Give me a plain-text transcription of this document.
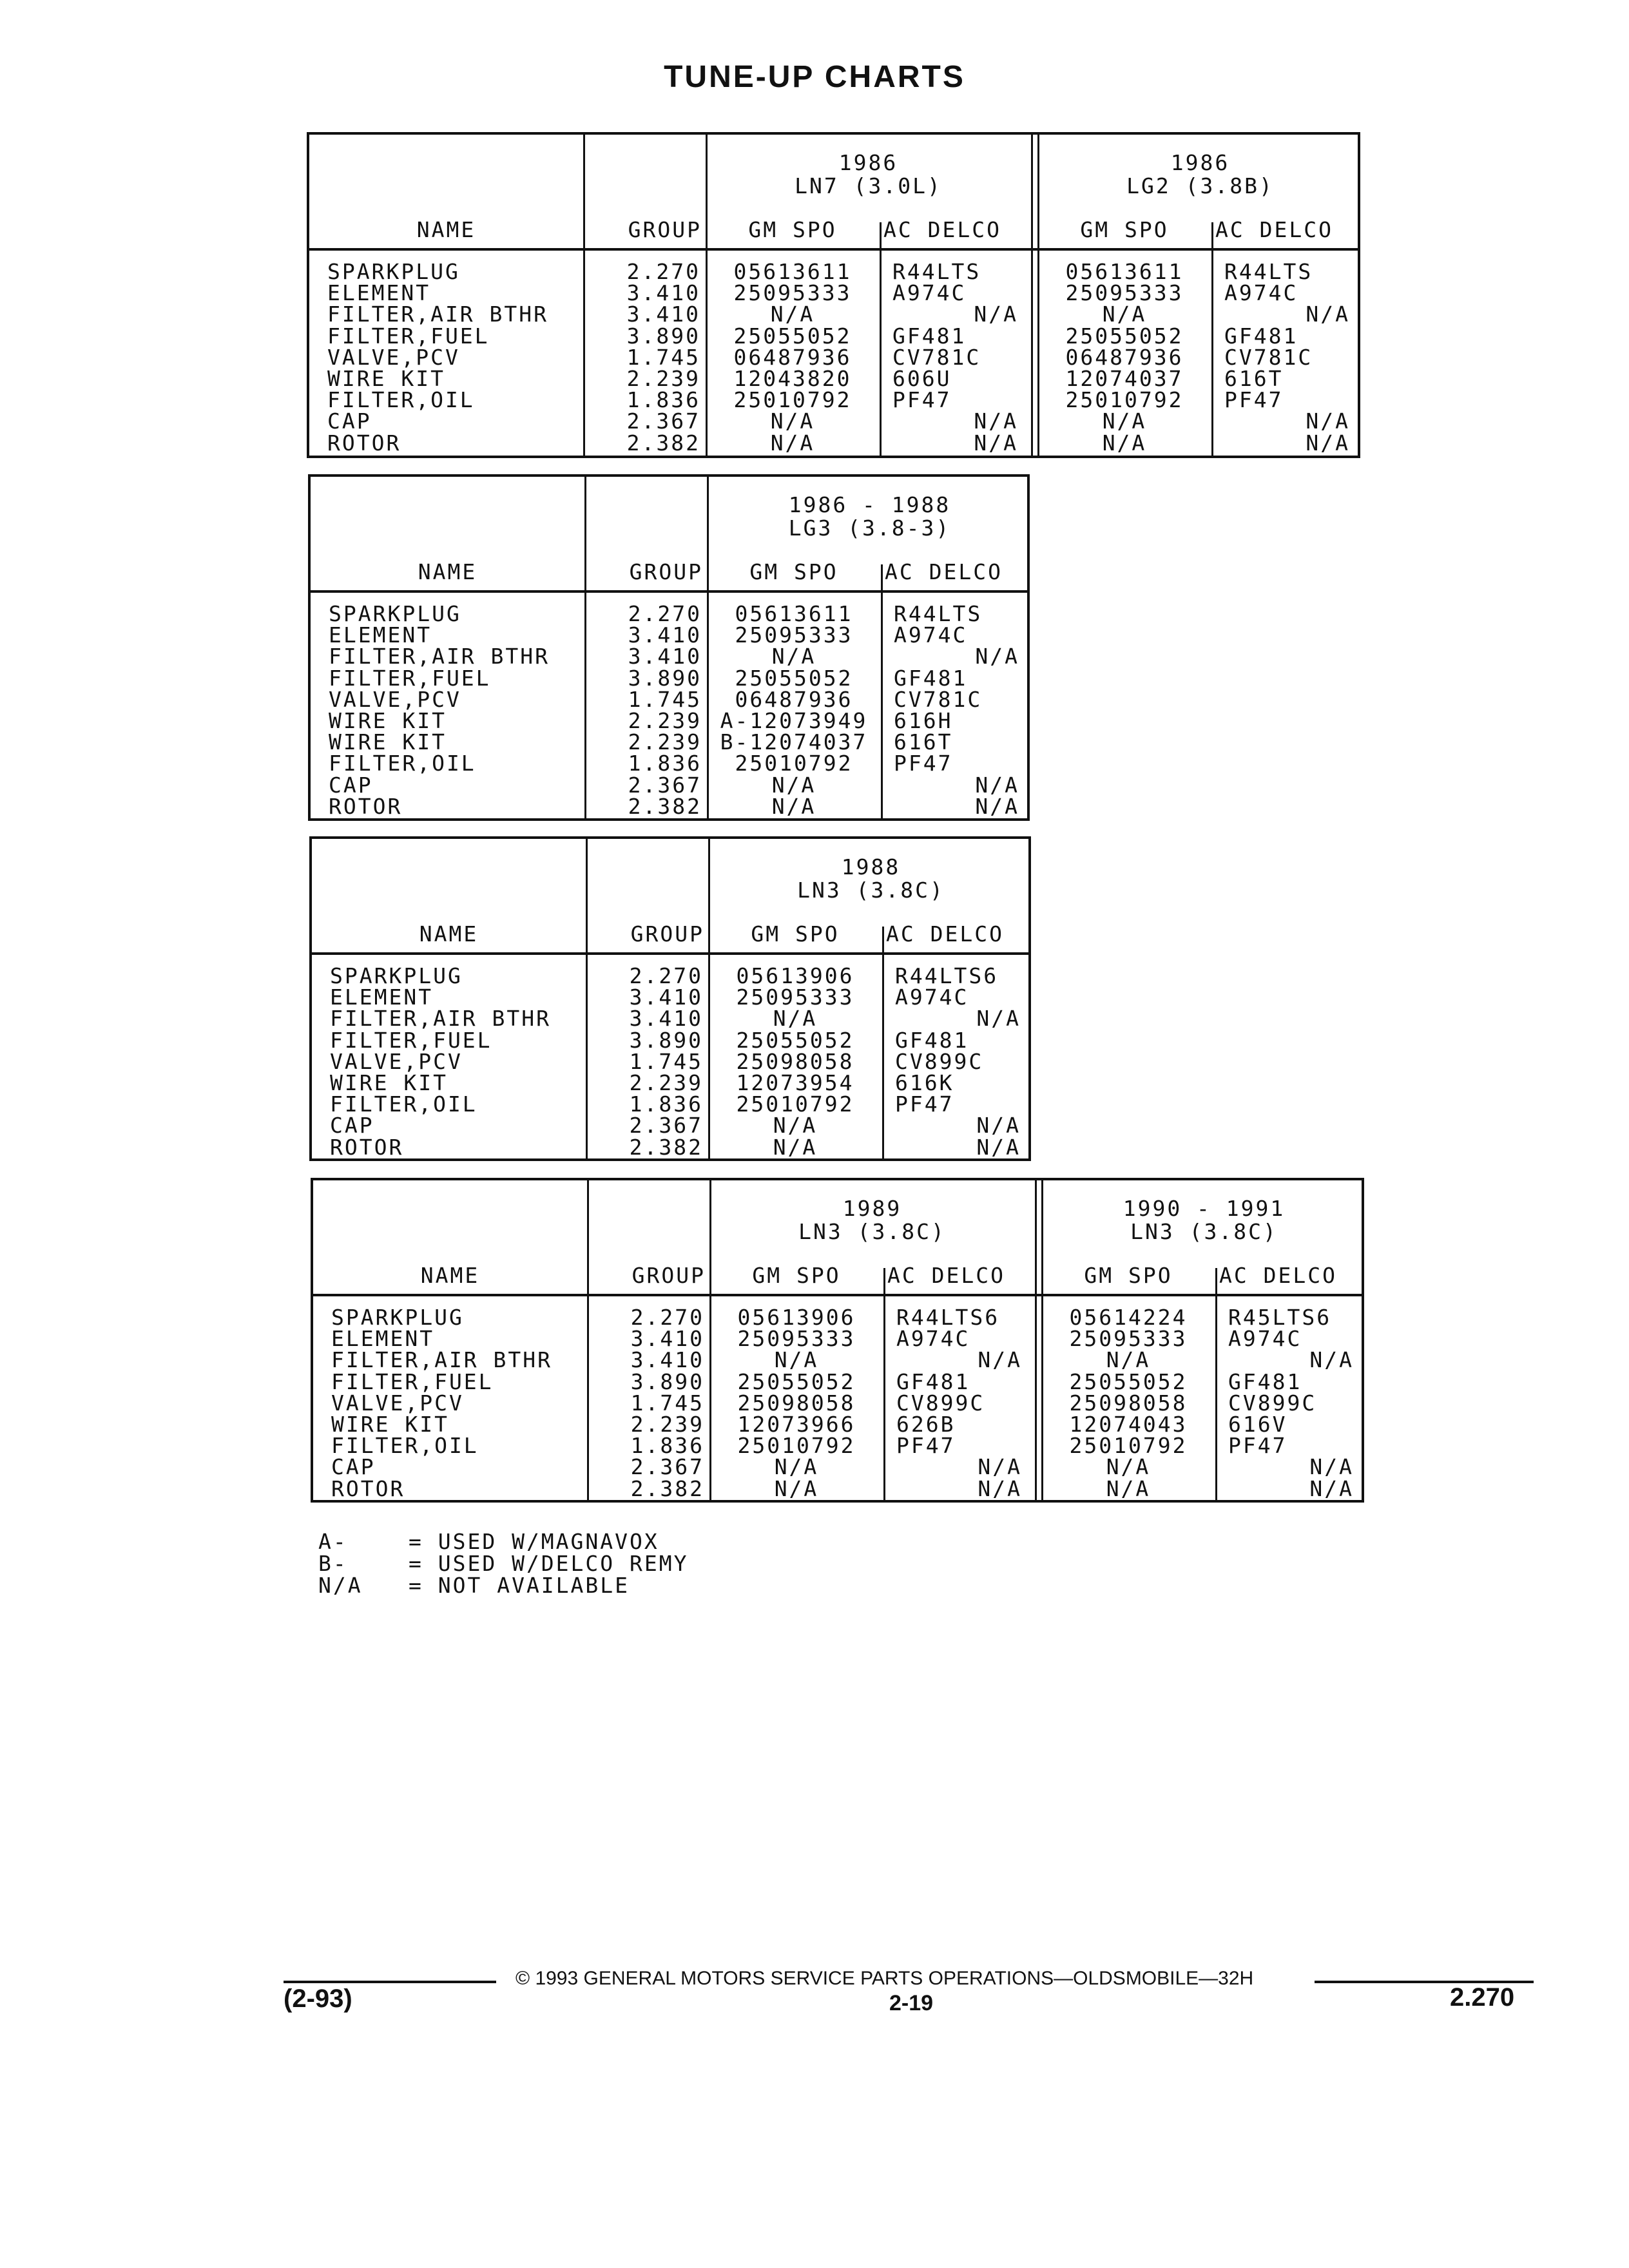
TUNE-UP CHARTS
1986
LN7 (3.0L)
GM SPO	AC DELCO
1986
LG2 (3.8B)
GM SPO	AC DELCO
NAME	GROUP
SPARKPLUG	2.270	05613611	R44LTS	05613611	R44LTS
ELEMENT	3.410	25095333	A974C	25095333	A974C
FILTER,AIR BTHR	3.410	N/A	N/A	N/A	N/A
FILTER,FUEL	3.890	25055052	GF481	25055052	GF481
VALVE,PCV	1.745	06487936	CV781C	06487936	CV781C
WIRE KIT	2.239	12043820	606U	12074037	616T
FILTER,OIL	1.836	25010792	PF47	25010792	PF47
CAP	2.367	N/A	N/A	N/A	N/A
ROTOR	2.382	N/A	N/A	N/A	N/A
1986 - 1988
LG3 (3.8-3)
GM SPO	AC DELCO
NAME	GROUP
SPARKPLUG	2.270	05613611	R44LTS
ELEMENT	3.410	25095333	A974C
FILTER,AIR BTHR	3.410	N/A	N/A
FILTER,FUEL	3.890	25055052	GF481
VALVE,PCV	1.745	06487936	CV781C
WIRE KIT	2.239 A-12073949	616H
WIRE KIT	2.239 B-12074037	616T
FILTER,OIL	1.836	25010792	PF47
CAP	2.367	N/A	N/A
ROTOR	2.382	N/A	N/A
1988
LN3 (3.8C)
GM SPO	AC DELCO
NAME	GROUP
SPARKPLUG	2.270	05613906	R44LTS6
ELEMENT	3.410	25095333	A974C
FILTER,AIR BTHR	3.410	N/A	N/A
FILTER,FUEL	3.890	25055052	GF481
VALVE,PCV	1.745	25098058	CV899C
WIRE KIT	2.239	12073954	616K
FILTER,OIL	1.836	25010792	PF47
CAP	2.367	N/A	N/A
ROTOR	2.382	N/A	N/A
1989
LN3 (3.8C)
GM SPO	AC DELCO
1990 - 1991
LN3 (3.8C)
GM SPO	AC DELCO
NAME	GROUP
SPARKPLUG	2.270	05613906	R44LTS6	05614224	R45LTS6
ELEMENT	3.410	25095333	A974C	25095333	A974C
FILTER,AIR BTHR	3.410	N/A	N/A	N/A	N/A
FILTER,FUEL	3.890	25055052	GF481	25055052	GF481
VALVE,PCV	1.745	25098058	CV899C	25098058	CV899C
WIRE KIT	2.239	12073966	626B	12074043	616V
FILTER,OIL	1.836	25010792	PF47	25010792	PF47
CAP	2.367	N/A	N/A	N/A	N/A
ROTOR	2.382	N/A	N/A	N/A	N/A
A-	= USED W/MAGNAVOX
B-	= USED W/DELCO REMY
N/A = NOT AVAILABLE
© 1993 GENERAL MOTORS SERVICE PARTS OPERATIONS—OLDSMOBILE—32H
(2-93)	2-19	2.270
